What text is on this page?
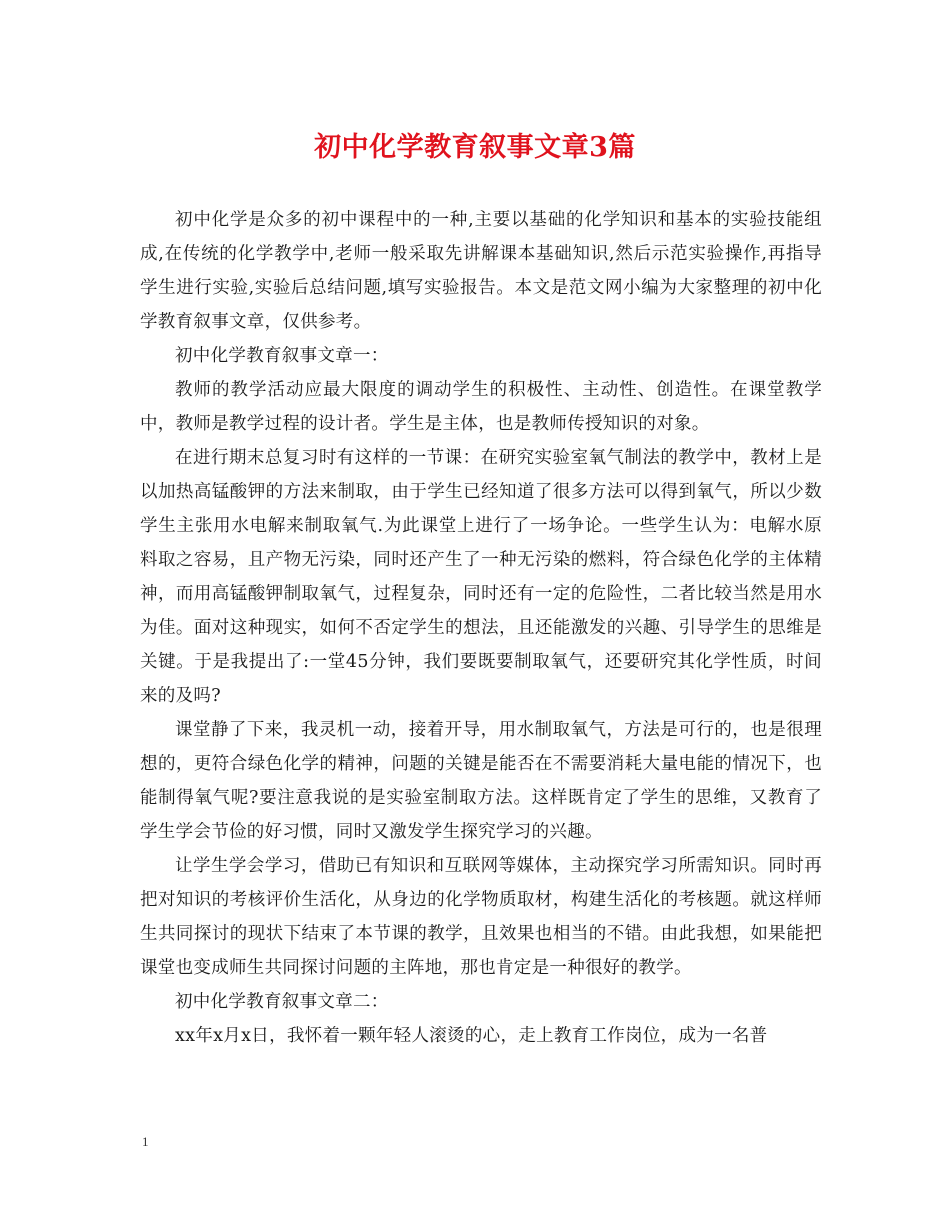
初中化学教育叙事文章3篇

初中化学是众多的初中课程中的一种,主要以基础的化学知识和基本的实验技能组成,在传统的化学教学中,老师一般采取先讲解课本基础知识,然后示范实验操作,再指导学生进行实验,实验后总结问题,填写实验报告。本文是范文网小编为大家整理的初中化学教育叙事文章，仅供参考。

初中化学教育叙事文章一：

教师的教学活动应最大限度的调动学生的积极性、主动性、创造性。在课堂教学中，教师是教学过程的设计者。学生是主体，也是教师传授知识的对象。

在进行期末总复习时有这样的一节课：在研究实验室氧气制法的教学中，教材上是以加热高锰酸钾的方法来制取，由于学生已经知道了很多方法可以得到氧气，所以少数学生主张用水电解来制取氧气.为此课堂上进行了一场争论。一些学生认为：电解水原料取之容易，且产物无污染，同时还产生了一种无污染的燃料，符合绿色化学的主体精神，而用高锰酸钾制取氧气，过程复杂，同时还有一定的危险性，二者比较当然是用水为佳。面对这种现实，如何不否定学生的想法，且还能激发的兴趣、引导学生的思维是关键。于是我提出了:一堂45分钟，我们要既要制取氧气，还要研究其化学性质，时间来的及吗?

课堂静了下来，我灵机一动，接着开导，用水制取氧气，方法是可行的，也是很理想的，更符合绿色化学的精神，问题的关键是能否在不需要消耗大量电能的情况下，也能制得氧气呢?要注意我说的是实验室制取方法。这样既肯定了学生的思维，又教育了学生学会节俭的好习惯，同时又激发学生探究学习的兴趣。

让学生学会学习，借助已有知识和互联网等媒体，主动探究学习所需知识。同时再把对知识的考核评价生活化，从身边的化学物质取材，构建生活化的考核题。就这样师生共同探讨的现状下结束了本节课的教学，且效果也相当的不错。由此我想，如果能把课堂也变成师生共同探讨问题的主阵地，那也肯定是一种很好的教学。

初中化学教育叙事文章二：

xx年x月x日，我怀着一颗年轻人滚烫的心，走上教育工作岗位，成为一名普

1
